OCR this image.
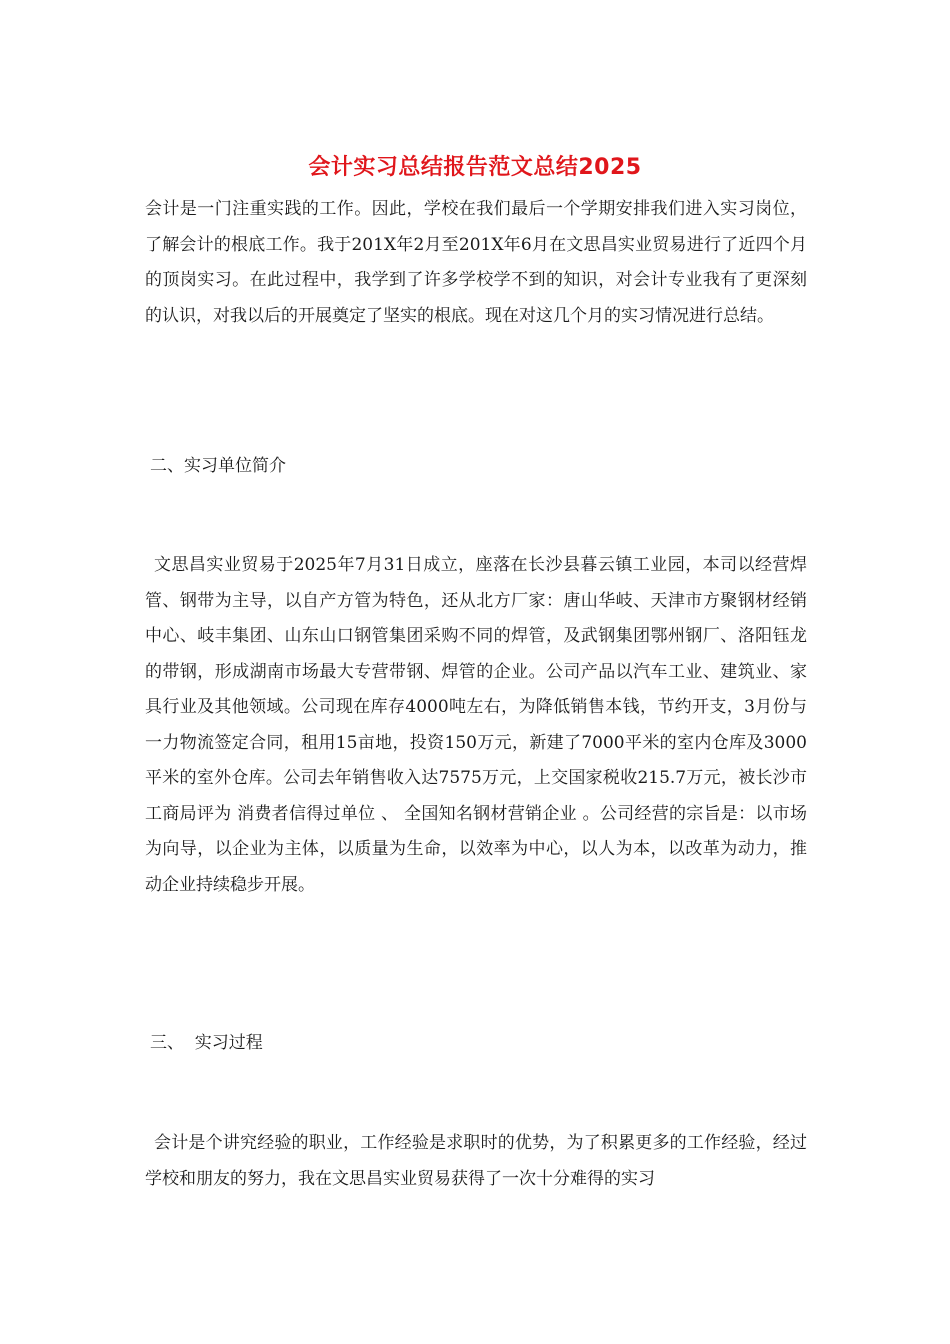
会计实习总结报告范文总结2025

会计是一门注重实践的工作。因此，学校在我们最后一个学期安排我们进入实习岗位，了解会计的根底工作。我于201X年2月至201X年6月在文思昌实业贸易进行了近四个月的顶岗实习。在此过程中，我学到了许多学校学不到的知识，对会计专业我有了更深刻的认识，对我以后的开展奠定了坚实的根底。现在对这几个月的实习情况进行总结。

二、实习单位简介

文思昌实业贸易于2025年7月31日成立，座落在长沙县暮云镇工业园，本司以经营焊管、钢带为主导，以自产方管为特色，还从北方厂家：唐山华岐、天津市方聚钢材经销中心、岐丰集团、山东山口钢管集团采购不同的焊管，及武钢集团鄂州钢厂、洛阳钰龙的带钢，形成湖南市场最大专营带钢、焊管的企业。公司产品以汽车工业、建筑业、家具行业及其他领域。公司现在库存4000吨左右，为降低销售本钱，节约开支，3月份与一力物流签定合同，租用15亩地，投资150万元，新建了7000平米的室内仓库及3000平米的室外仓库。公司去年销售收入达7575万元，上交国家税收215.7万元，被长沙市工商局评为 消费者信得过单位 、 全国知名钢材营销企业 。公司经营的宗旨是：以市场为向导，以企业为主体，以质量为生命，以效率为中心，以人为本，以改革为动力，推动企业持续稳步开展。

三、  实习过程

会计是个讲究经验的职业，工作经验是求职时的优势，为了积累更多的工作经验，经过学校和朋友的努力，我在文思昌实业贸易获得了一次十分难得的实习
